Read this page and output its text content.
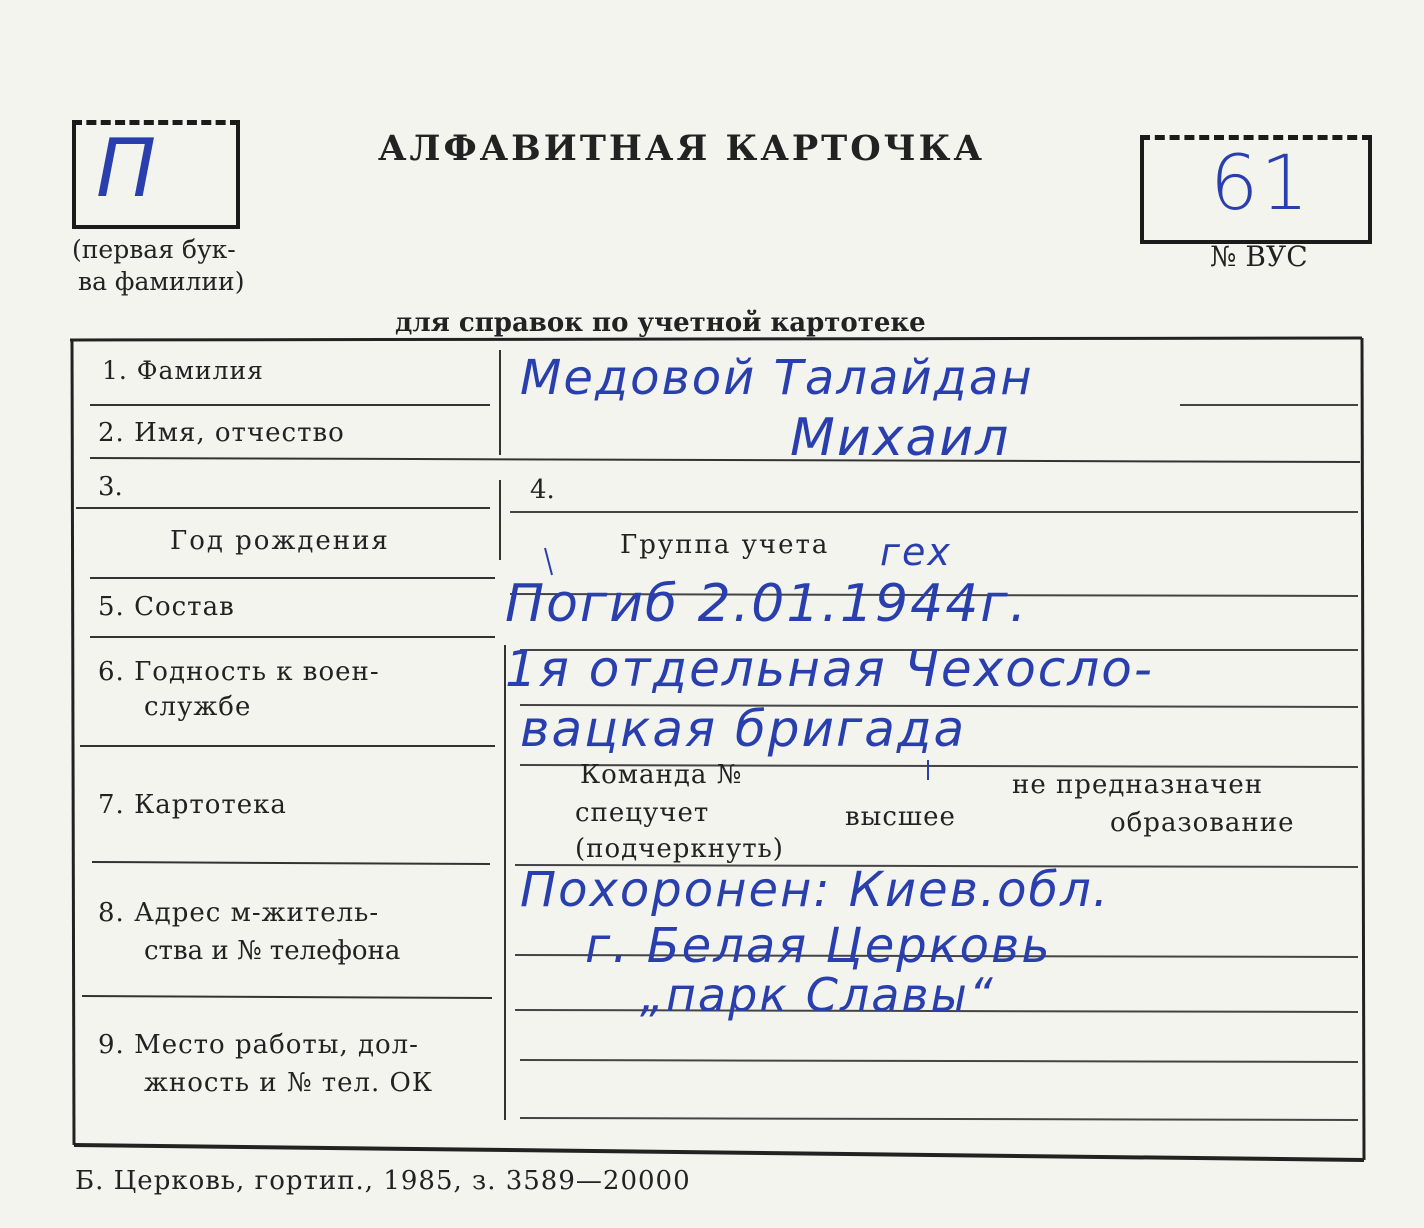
П
(первая бук-
ва фамилии)
АЛФАВИТНАЯ КАРТОЧКА	61
№ ВУС
для справок по учетной картотеке
1. Фамилия	Медовой Талайдан
2. Имя, отчество	Михаил
3.
Год рождения
4.
Группа учета гех
5. Состав	Погиб 2.01.1944г.
6. Годность к воен-
службе
1я отдельная Чехосло-
вацкая бригада
7. Картотека
Команда №
спецучет
(подчеркнуть)
не предназначен
высшее	образование
8. Адрес м-житель-
ства и № телефона
Похоронен: Киев.обл.
г. Белая Церковь
„парк Славы“
9. Место работы, дол-
жность и № тел. ОК
Б. Церковь, гортип., 1985, з. 3589—20000
